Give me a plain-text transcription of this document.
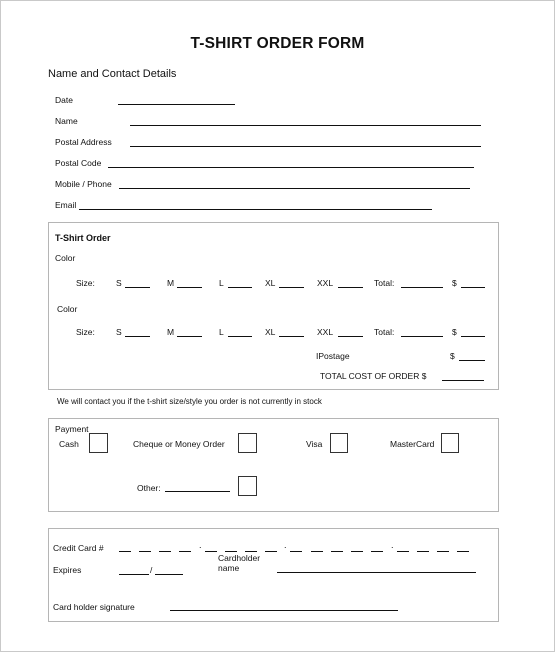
T-SHIRT ORDER FORM
Name and Contact Details
Date
Name
Postal Address
Postal Code
Mobile / Phone
Email
T-Shirt Order
Color
Size: S	M	L	XL	XXL	Total:	$
Color
Size: S	M	L	XL	XXL	Total:	$
IPostage	$
TOTAL COST OF ORDER $
We will contact you if the t-shirt size/style you order is not currently in stock
Payment
Cash	Cheque or Money Order	Visa	MasterCard
Other:
Credit Card #	.	.	.
Expires	/
Cardholder
name
Card holder signature
